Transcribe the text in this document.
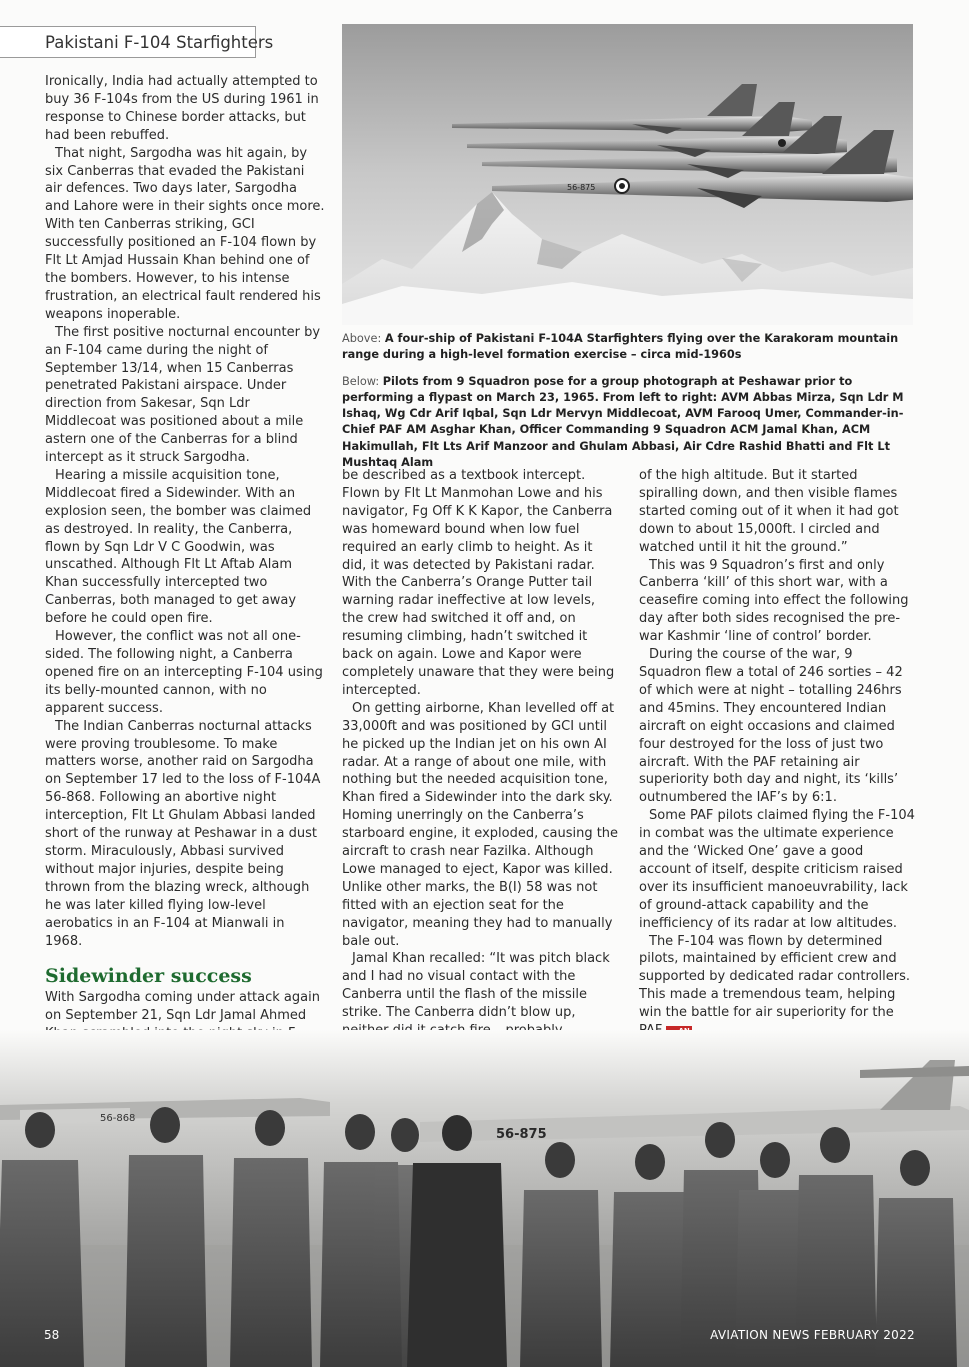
Pakistani F-104 Starfighters

Ironically, India had actually attempted to buy 36 F-104s from the US during 1961 in response to Chinese border attacks, but had been rebuffed.

That night, Sargodha was hit again, by six Canberras that evaded the Pakistani air defences. Two days later, Sargodha and Lahore were in their sights once more. With ten Canberras striking, GCI successfully positioned an F-104 flown by Flt Lt Amjad Hussain Khan behind one of the bombers. However, to his intense frustration, an electrical fault rendered his weapons inoperable.

The first positive nocturnal encounter by an F-104 came during the night of September 13/14, when 15 Canberras penetrated Pakistani airspace. Under direction from Sakesar, Sqn Ldr Middlecoat was positioned about a mile astern one of the Canberras for a blind intercept as it struck Sargodha.

Hearing a missile acquisition tone, Middlecoat fired a Sidewinder. With an explosion seen, the bomber was claimed as destroyed. In reality, the Canberra, flown by Sqn Ldr V C Goodwin, was unscathed. Although Flt Lt Aftab Alam Khan successfully intercepted two Canberras, both managed to get away before he could open fire.

However, the conflict was not all one-sided. The following night, a Canberra opened fire on an intercepting F-104 using its belly-mounted cannon, with no apparent success.

The Indian Canberras nocturnal attacks were proving troublesome. To make matters worse, another raid on Sargodha on September 17 led to the loss of F-104A 56-868. Following an abortive night interception, Flt Lt Ghulam Abbasi landed short of the runway at Peshawar in a dust storm. Miraculously, Abbasi survived without major injuries, despite being thrown from the blazing wreck, although he was later killed flying low-level aerobatics in an F-104 at Mianwali in 1968.

Sidewinder success

With Sargodha coming under attack again on September 21, Sqn Ldr Jamal Ahmed

56-875

Above: A four-ship of Pakistani F-104A Starfighters flying over the Karakoram mountain range during a high-level formation exercise – circa mid-1960s

Below: Pilots from 9 Squadron pose for a group photograph at Peshawar prior to performing a flypast on March 23, 1965. From left to right: AVM Abbas Mirza, Sqn Ldr M Ishaq, Wg Cdr Arif Iqbal, Sqn Ldr Mervyn Middlecoat, AVM Farooq Umer, Commander-in-Chief PAF AM Asghar Khan, Officer Commanding 9 Squadron ACM Jamal Khan, ACM Hakimullah, Flt Lts Arif Manzoor and Ghulam Abbasi, Air Cdre Rashid Bhatti and Flt Lt Mushtaq Alam

be described as a textbook intercept. Flown by Flt Lt Manmohan Lowe and his navigator, Fg Off K K Kapor, the Canberra was homeward bound when low fuel required an early climb to height. As it did, it was detected by Pakistani radar. With the Canberra’s Orange Putter tail warning radar ineffective at low levels, the crew had switched it off and, on resuming climbing, hadn’t switched it back on again. Lowe and Kapor were completely unaware that they were being intercepted.

On getting airborne, Khan levelled off at 33,000ft and was positioned by GCI until he picked up the Indian jet on his own AI radar. At a range of about one mile, with nothing but the needed acquisition tone, Khan fired a Sidewinder into the dark sky. Homing unerringly on the Canberra’s starboard engine, it exploded, causing the aircraft to crash near Fazilka. Although Lowe managed to eject, Kapor was killed. Unlike other marks, the B(I) 58 was not fitted with an ejection seat for the navigator, meaning they had to manually bale out.

Jamal Khan recalled: “It was pitch black and I had no visual contact with the Canberra until the flash of the missile strike. The Canberra didn’t blow up,

of the high altitude. But it started spiralling down, and then visible flames started coming out of it when it had got down to about 15,000ft. I circled and watched until it hit the ground.”

This was 9 Squadron’s first and only Canberra ‘kill’ of this short war, with a ceasefire coming into effect the following day after both sides recognised the pre-war Kashmir ‘line of control’ border.

During the course of the war, 9 Squadron flew a total of 246 sorties – 42 of which were at night – totalling 246hrs and 45mins. They encountered Indian aircraft on eight occasions and claimed four destroyed for the loss of just two aircraft. With the PAF retaining air superiority both day and night, its ‘kills’ outnumbered the IAF’s by 6:1.

Some PAF pilots claimed flying the F-104 in combat was the ultimate experience and the ‘Wicked One’ gave a good account of itself, despite criticism raised over its insufficient manoeuvrability, lack of ground-attack capability and the inefficiency of its radar at low altitudes.

The F-104 was flown by determined pilots, maintained by efficient crew and supported by dedicated radar controllers. This made a tremendous team, helping win the battle for air superiority for the

56-868
56-875
58	AVIATION NEWS FEBRUARY 2022
